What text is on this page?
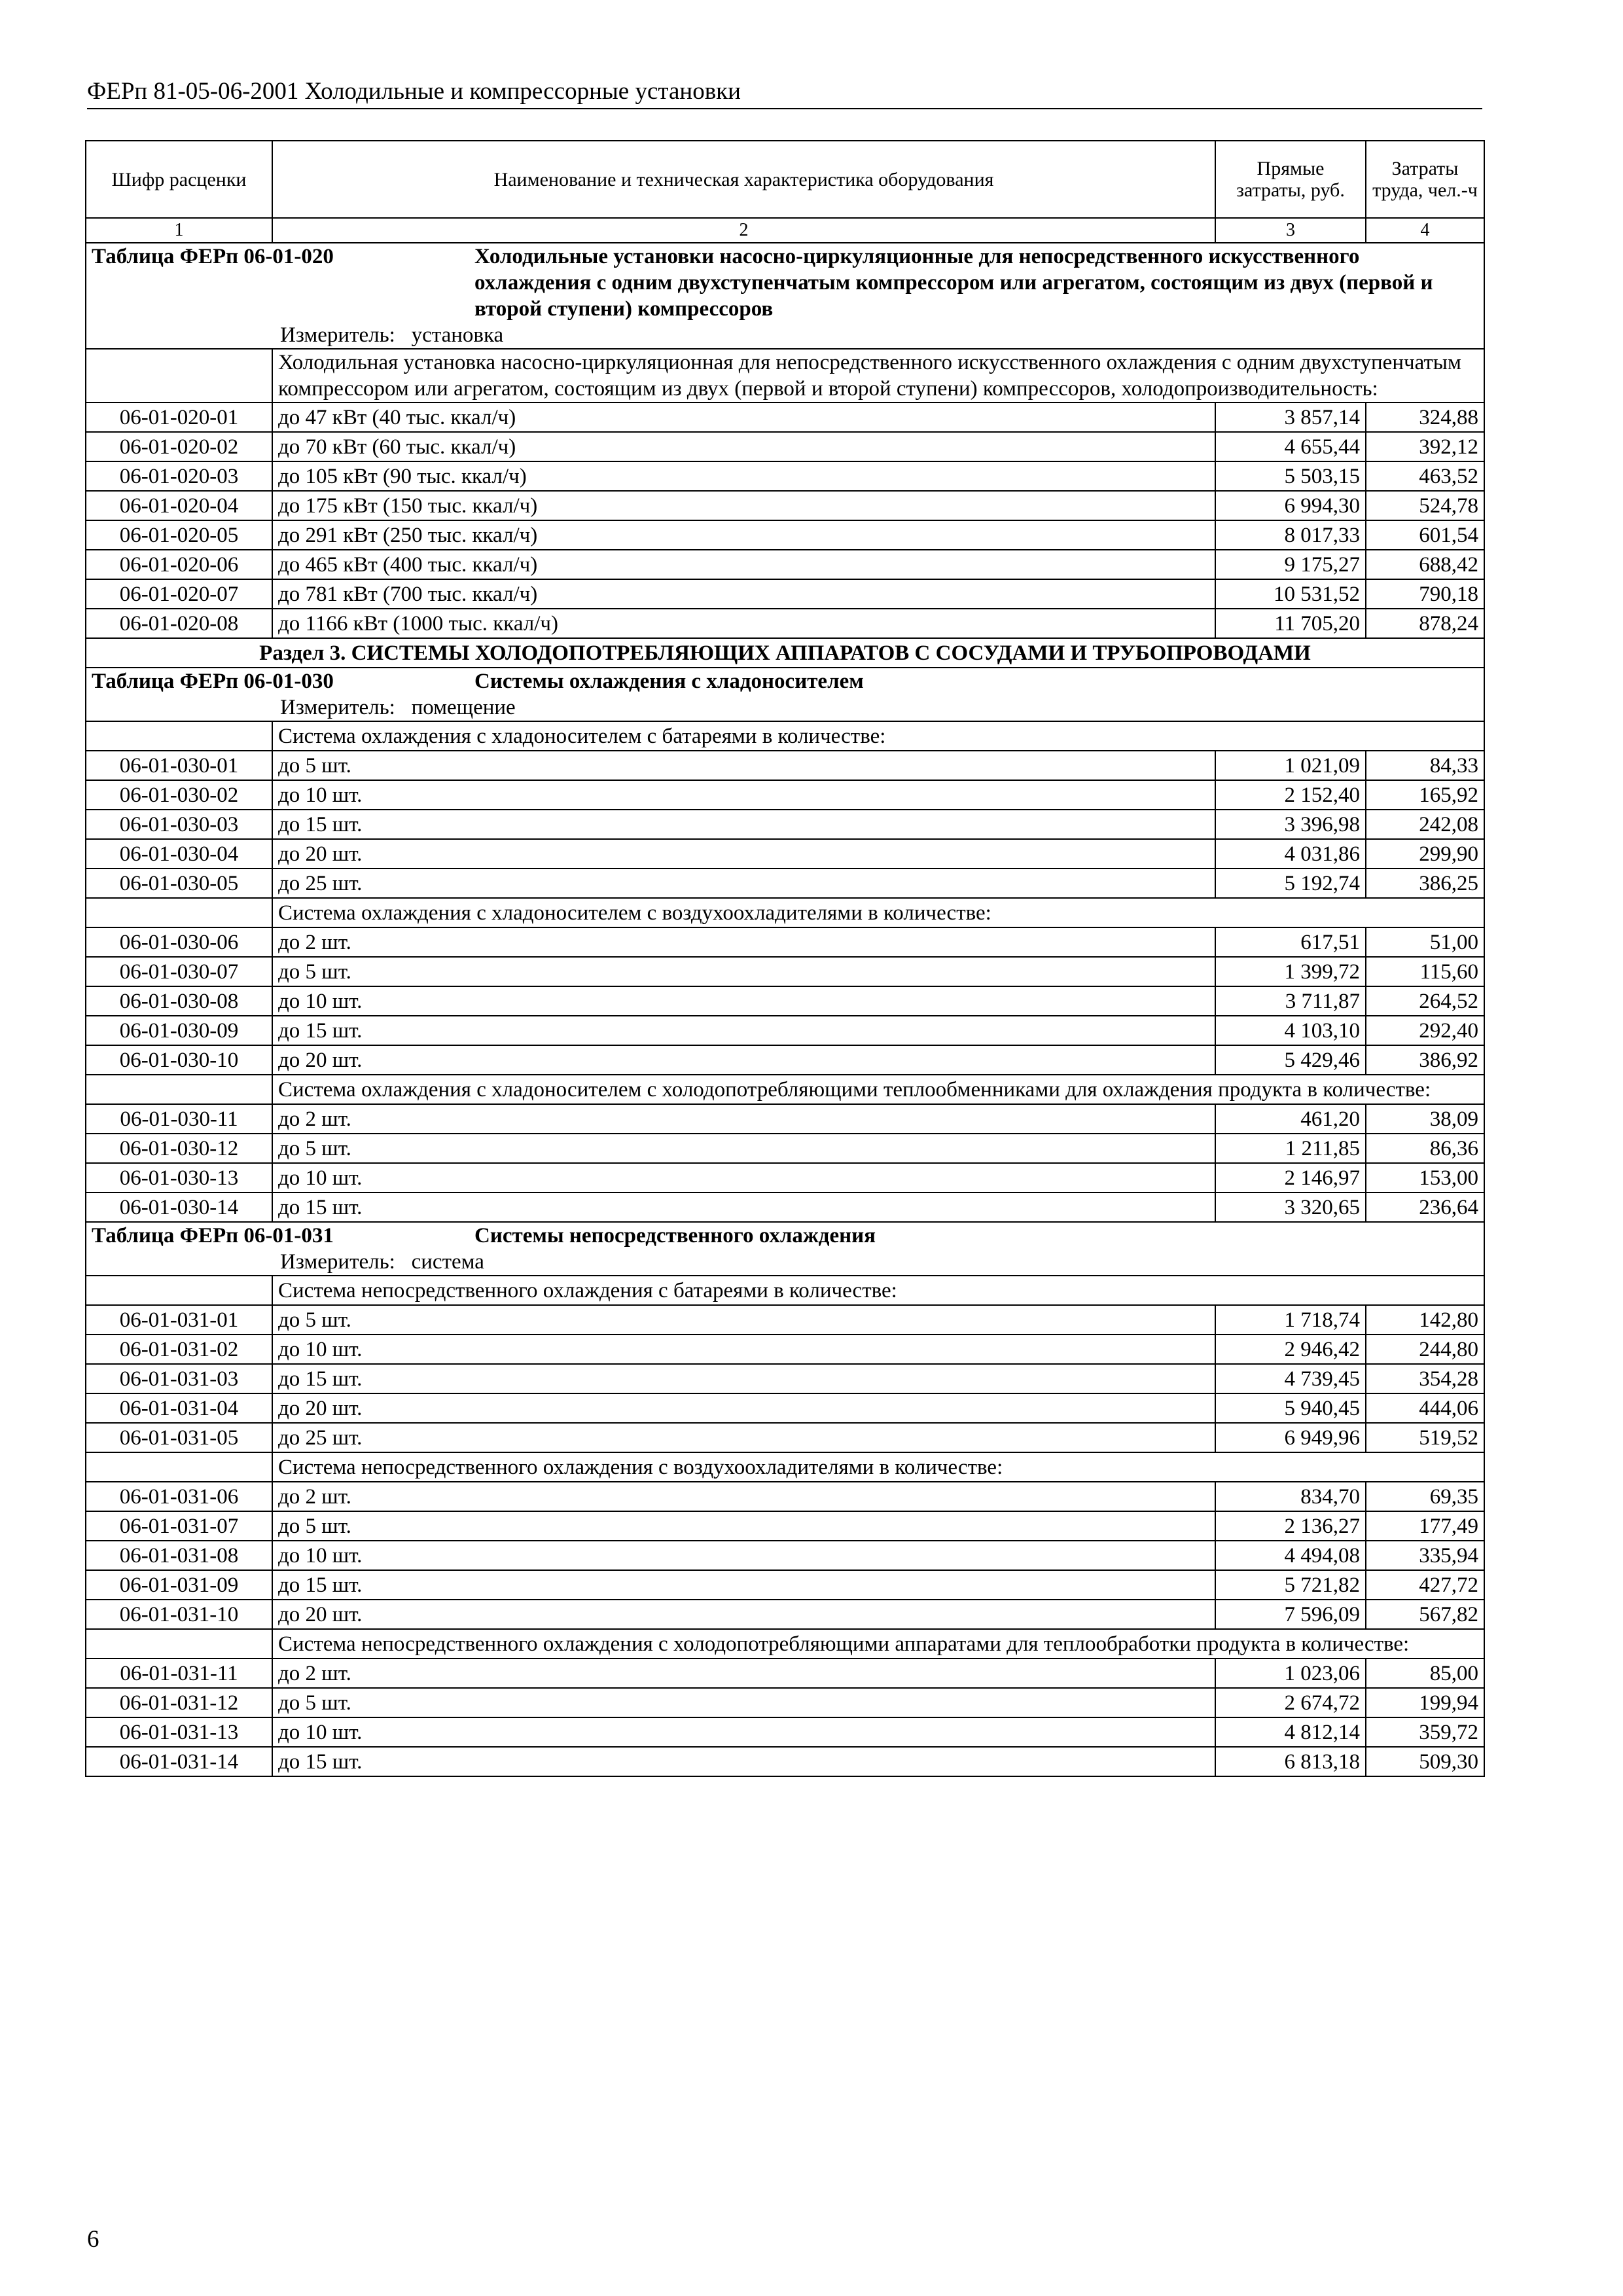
ФЕРп 81-05-06-2001 Холодильные и компрессорные установки
Шифр расценки	Наименование и техническая характеристика оборудования	Прямые затраты, руб.	Затраты труда, чел.-ч
1	2	3	4

Таблица ФЕРп 06-01-020 Холодильные установки насосно-циркуляционные для непосредственного искусственного охлаждения с одним двухступенчатым компрессором или агрегатом, состоящим из двух (первой и второй ступени) компрессоров
Измеритель: установка			

	Холодильная установка насосно-циркуляционная для непосредственного искусственного охлаждения с одним двухступенчатым компрессором или агрегатом, состоящим из двух (первой и второй ступени) компрессоров, холодопроизводительность:		
06-01-020-01	до 47 кВт (40 тыс. ккал/ч)	3 857,14	324,88
06-01-020-02	до 70 кВт (60 тыс. ккал/ч)	4 655,44	392,12
06-01-020-03	до 105 кВт (90 тыс. ккал/ч)	5 503,15	463,52
06-01-020-04	до 175 кВт (150 тыс. ккал/ч)	6 994,30	524,78
06-01-020-05	до 291 кВт (250 тыс. ккал/ч)	8 017,33	601,54
06-01-020-06	до 465 кВт (400 тыс. ккал/ч)	9 175,27	688,42
06-01-020-07	до 781 кВт (700 тыс. ккал/ч)	10 531,52	790,18
06-01-020-08	до 1166 кВт (1000 тыс. ккал/ч)	11 705,20	878,24
Раздел 3. СИСТЕМЫ ХОЛОДОПОТРЕБЛЯЮЩИХ АППАРАТОВ С СОСУДАМИ И ТРУБОПРОВОДАМИ			

Таблица ФЕРп 06-01-030 Системы охлаждения с хладоносителем
Измеритель: помещение			

	Система охлаждения с хладоносителем с батареями в количестве:		
06-01-030-01	до 5 шт.	1 021,09	84,33
06-01-030-02	до 10 шт.	2 152,40	165,92
06-01-030-03	до 15 шт.	3 396,98	242,08
06-01-030-04	до 20 шт.	4 031,86	299,90
06-01-030-05	до 25 шт.	5 192,74	386,25
	Система охлаждения с хладоносителем с воздухоохладителями в количестве:		
06-01-030-06	до 2 шт.	617,51	51,00
06-01-030-07	до 5 шт.	1 399,72	115,60
06-01-030-08	до 10 шт.	3 711,87	264,52
06-01-030-09	до 15 шт.	4 103,10	292,40
06-01-030-10	до 20 шт.	5 429,46	386,92
	Система охлаждения с хладоносителем с холодопотребляющими теплообменниками для охлаждения продукта в количестве:		
06-01-030-11	до 2 шт.	461,20	38,09
06-01-030-12	до 5 шт.	1 211,85	86,36
06-01-030-13	до 10 шт.	2 146,97	153,00
06-01-030-14	до 15 шт.	3 320,65	236,64

Таблица ФЕРп 06-01-031 Системы непосредственного охлаждения
Измеритель: система			

	Система непосредственного охлаждения с батареями в количестве:		
06-01-031-01	до 5 шт.	1 718,74	142,80
06-01-031-02	до 10 шт.	2 946,42	244,80
06-01-031-03	до 15 шт.	4 739,45	354,28
06-01-031-04	до 20 шт.	5 940,45	444,06
06-01-031-05	до 25 шт.	6 949,96	519,52
	Система непосредственного охлаждения с воздухоохладителями в количестве:		
06-01-031-06	до 2 шт.	834,70	69,35
06-01-031-07	до 5 шт.	2 136,27	177,49
06-01-031-08	до 10 шт.	4 494,08	335,94
06-01-031-09	до 15 шт.	5 721,82	427,72
06-01-031-10	до 20 шт.	7 596,09	567,82
	Система непосредственного охлаждения с холодопотребляющими аппаратами для теплообработки продукта в количестве:		
06-01-031-11	до 2 шт.	1 023,06	85,00
06-01-031-12	до 5 шт.	2 674,72	199,94
06-01-031-13	до 10 шт.	4 812,14	359,72
06-01-031-14	до 15 шт.	6 813,18	509,30
6
